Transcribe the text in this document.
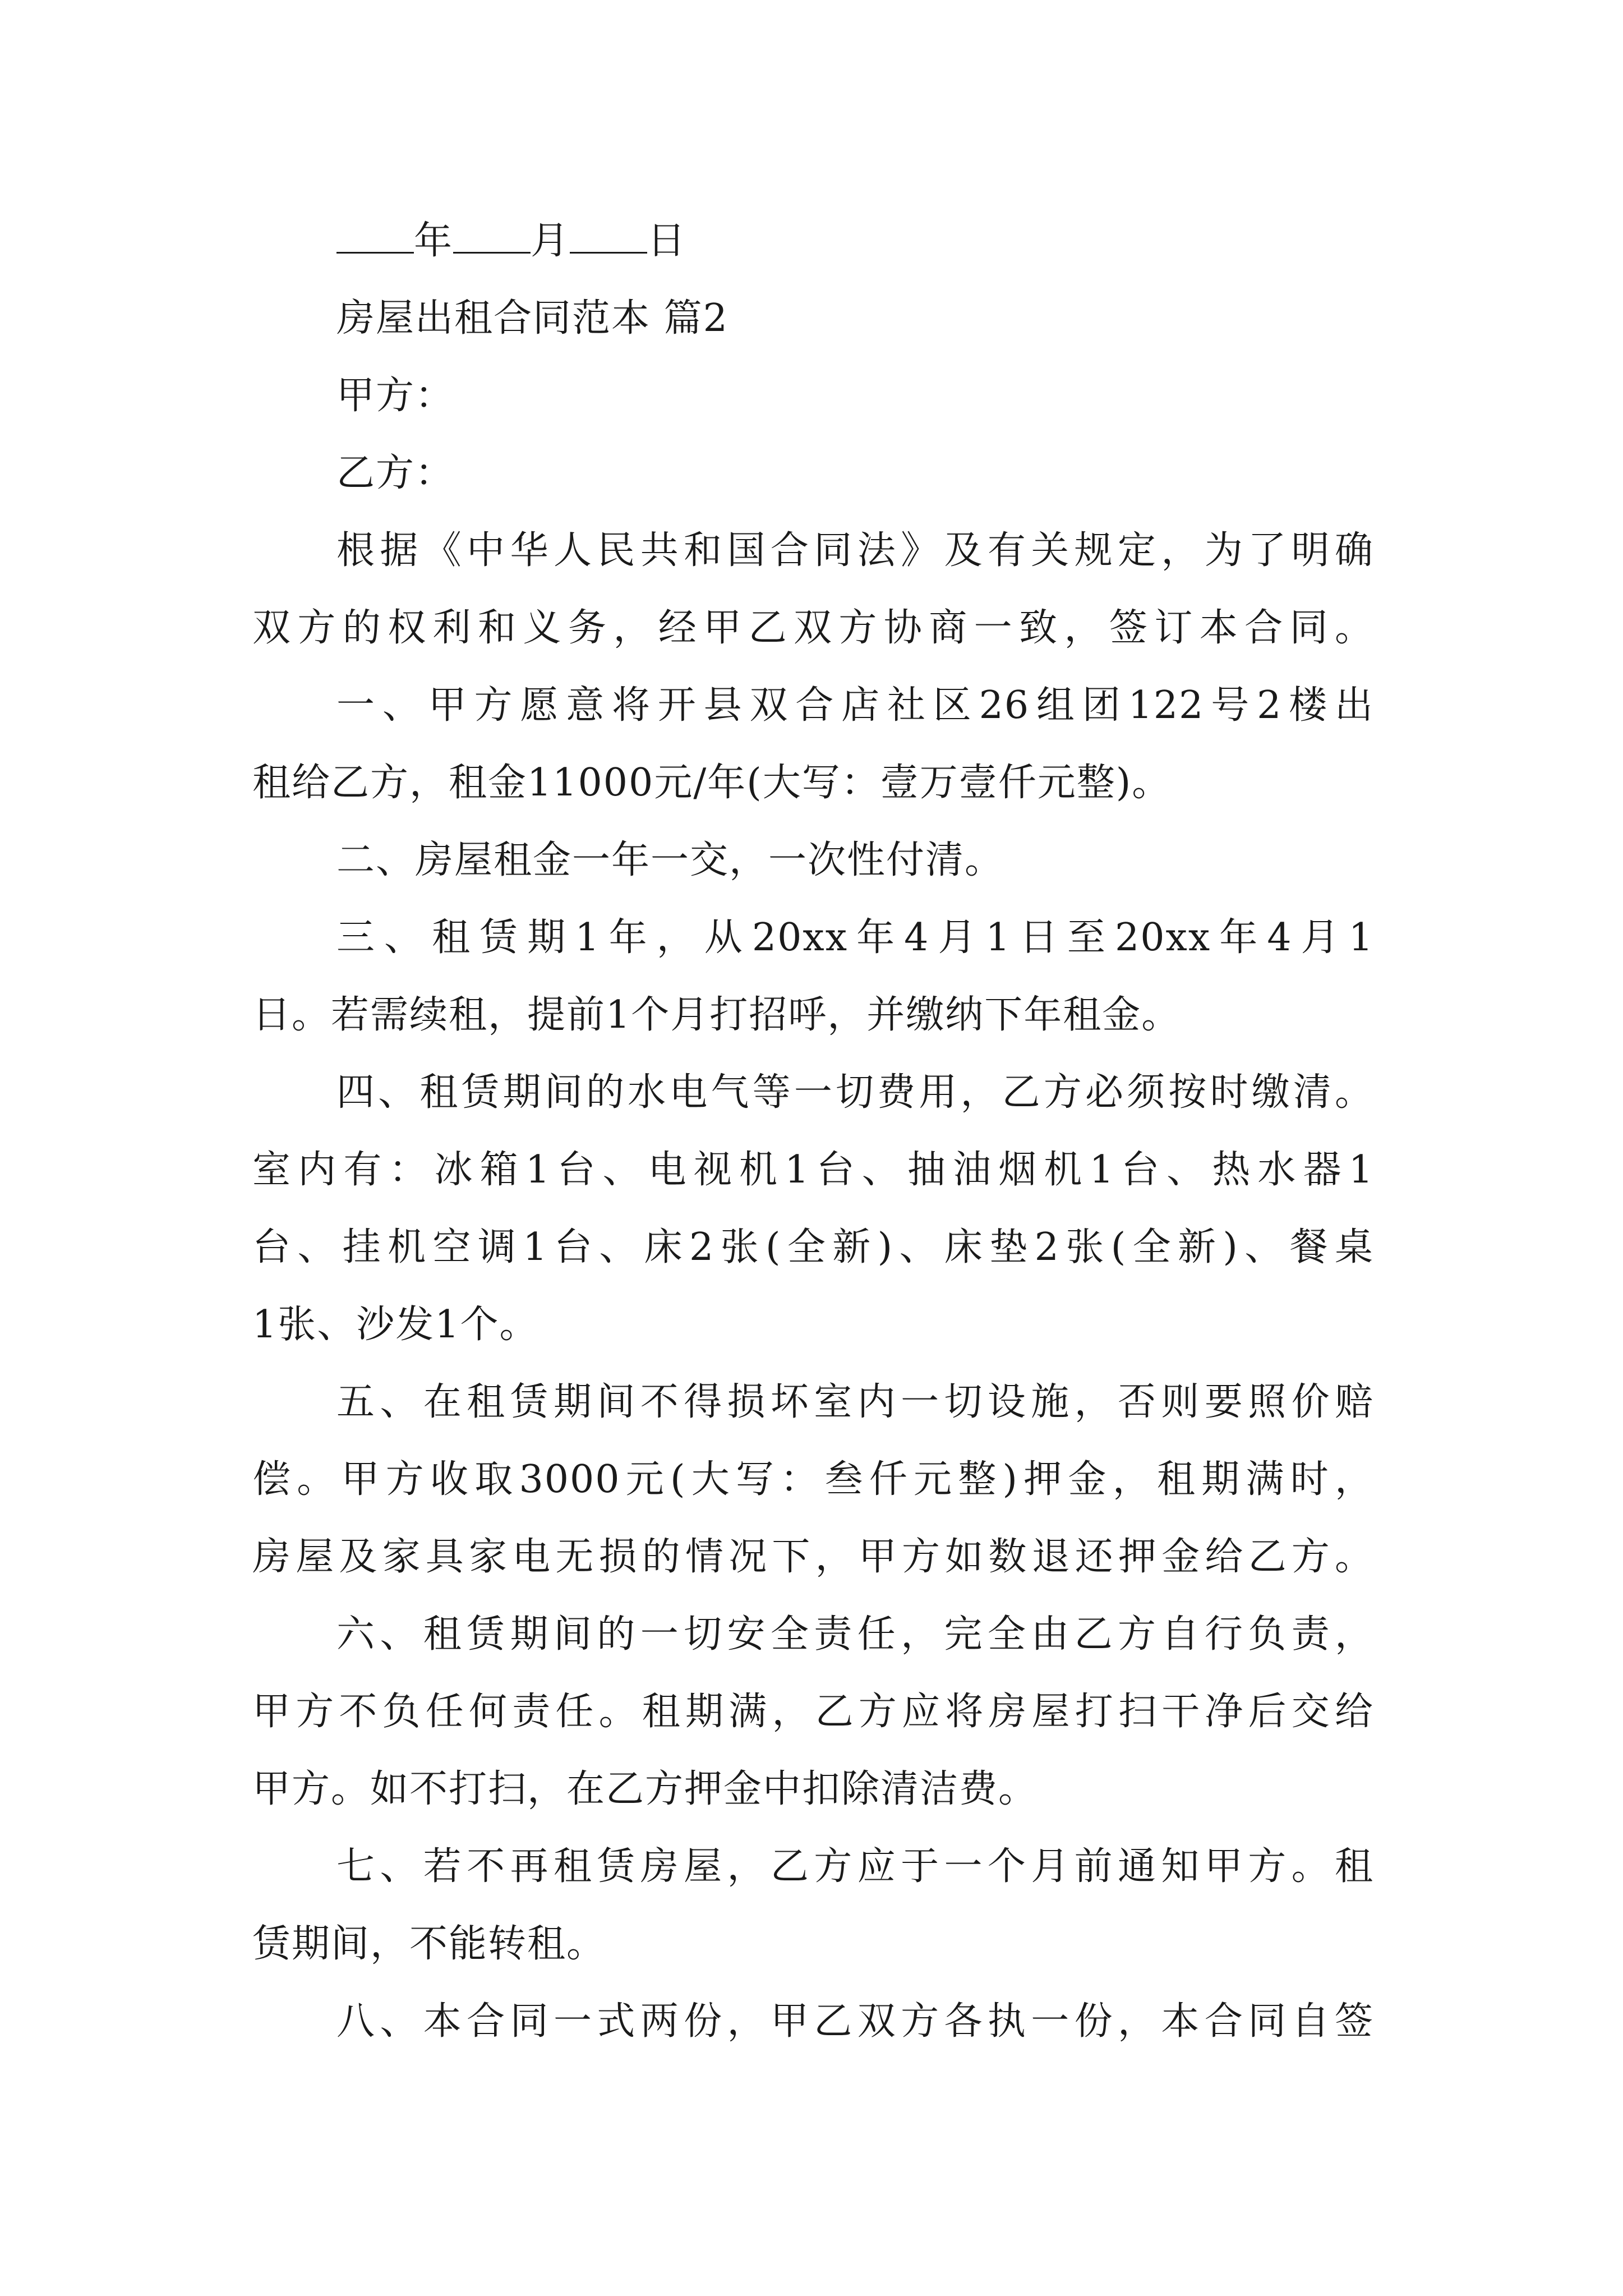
年 月 日
房屋出租合同范本 篇2
甲方：
乙方：
根据《中华人民共和国合同法》及有关规定，为了明确
双方的权利和义务，经甲乙双方协商一致，签订本合同。
一、甲方愿意将开县双合店社区26组团122号2楼出
租给乙方，租金11000元/年(大写：壹万壹仟元整)。
二、房屋租金一年一交，一次性付清。
三、租赁期1年，从20xx年4月1日至20xx年4月1
日。若需续租，提前1个月打招呼，并缴纳下年租金。
四、租赁期间的水电气等一切费用，乙方必须按时缴清。
室内有：冰箱1台、电视机1台、抽油烟机1台、热水器1
台、挂机空调1台、床2张(全新)、床垫2张(全新)、餐桌
1张、沙发1个。
五、在租赁期间不得损坏室内一切设施，否则要照价赔
偿。甲方收取3000元(大写：叁仟元整)押金，租期满时，
房屋及家具家电无损的情况下，甲方如数退还押金给乙方。
六、租赁期间的一切安全责任，完全由乙方自行负责，
甲方不负任何责任。租期满，乙方应将房屋打扫干净后交给
甲方。如不打扫，在乙方押金中扣除清洁费。
七、若不再租赁房屋，乙方应于一个月前通知甲方。租
赁期间，不能转租。
八、本合同一式两份，甲乙双方各执一份，本合同自签
